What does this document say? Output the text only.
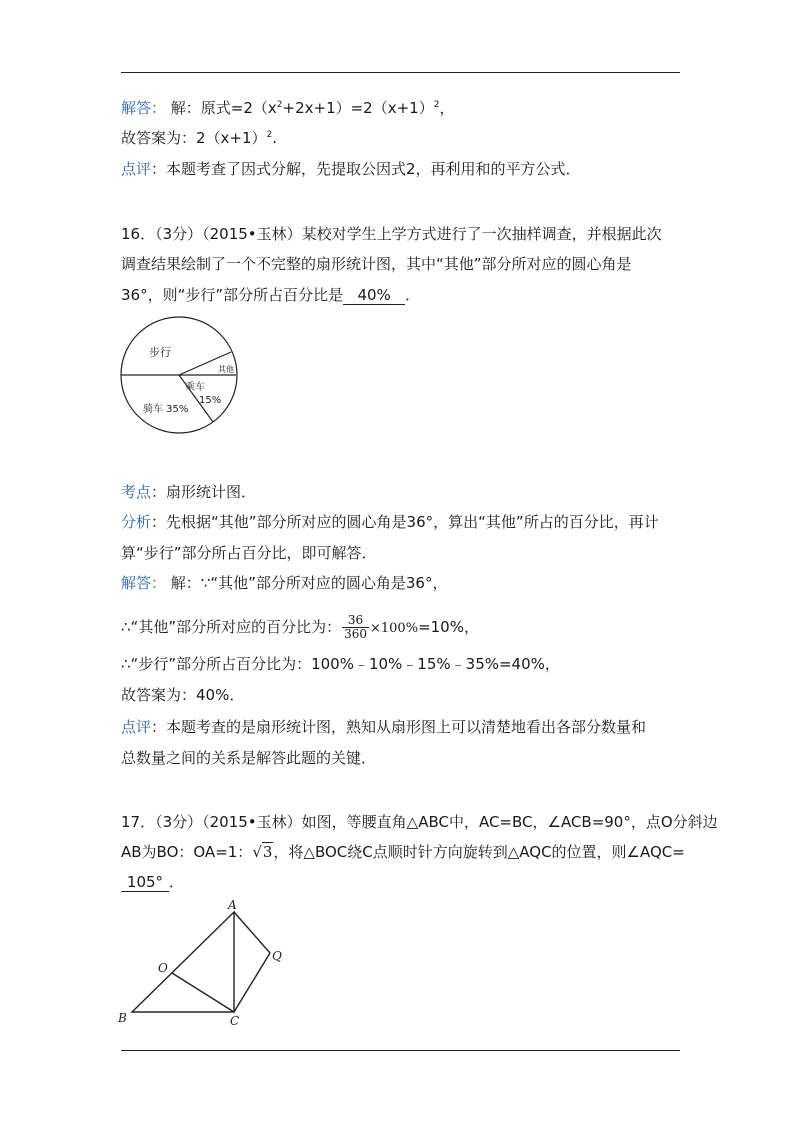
解答： 解：原式$=2(x^2+2x+1)=2(x+1)^2$，
故答案为：$2(x+1)^2$.
点评：本题考查了因式分解，先提取公因式2，再利用和的平方公式．
16．（3分）（2015•玉林）某校对学生上学方式进行了一次抽样调查，并根据此次
调查结果绘制了一个不完整的扇形统计图，其中“其他”部分所对应的圆心角是
36°，则“步行”部分所占百分比是 40% ．
步行
其他
乘车
15%
骑车 35%
考点：扇形统计图．
分析：先根据“其他”部分所对应的圆心角是36°，算出“其他”所占的百分比，再计
算“步行”部分所占百分比，即可解答．
解答： 解：∵“其他”部分所对应的圆心角是36°，
∴“其他”部分所对应的百分比为： $\frac{36}{360} \times 100\%=10\%$，
∴“步行”部分所占百分比为：100%﹣10%﹣15%﹣35%=40%，
故答案为：40%．
点评：本题考查的是扇形统计图，熟知从扇形图上可以清楚地看出各部分数量和
总数量之间的关系是解答此题的关键．
17．（3分）（2015•玉林）如图，等腰直角△ABC中，AC=BC，∠ACB=90°，点O分斜边
AB为BO：OA=1：√3，将△BOC绕C点顺时针方向旋转到△AQC的位置，则∠AQC=
105° ．
A
B	C
O
Q
